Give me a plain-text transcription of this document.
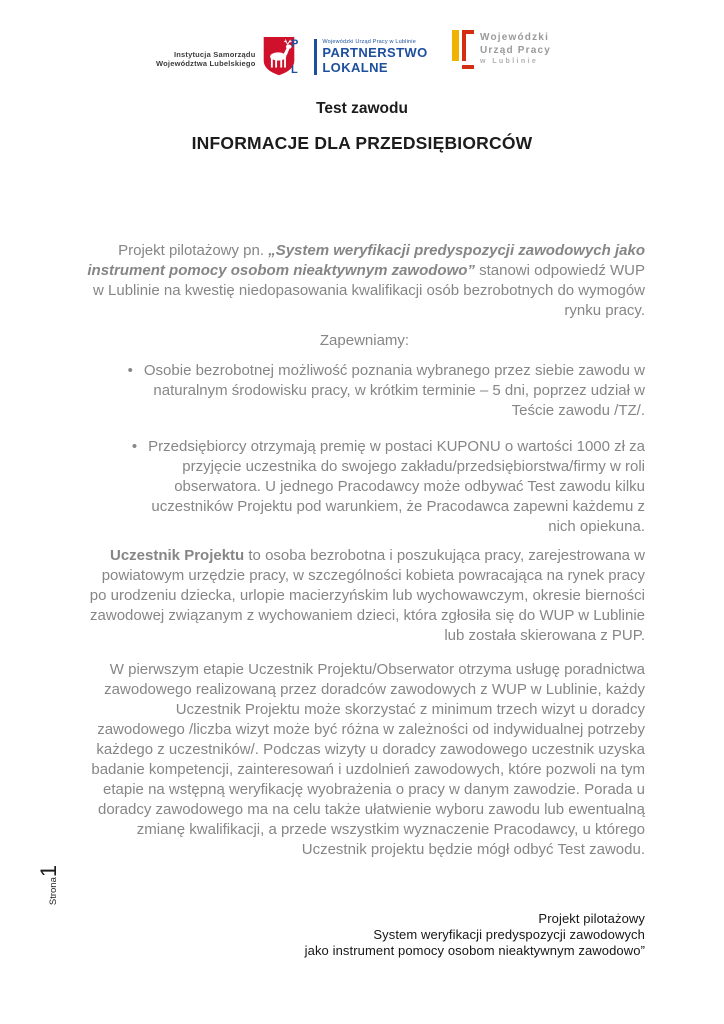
Instytucja Samorządu
Województwa Lubelskiego
P
L
Wojewódzki Urząd Pracy w Lublinie
PARTNERSTWO
LOKALNE
Wojewódzki
Urząd Pracy
w Lublinie
Test zawodu
INFORMACJE DLA PRZEDSIĘBIORCÓW

Projekt pilotażowy pn. „System weryfikacji predyspozycji zawodowych jako instrument pomocy osobom nieaktywnym zawodowo” stanowi odpowiedź WUP w Lublinie na kwestię niedopasowania kwalifikacji osób bezrobotnych do wymogów rynku pracy.

Zapewniamy:

• Osobie bezrobotnej możliwość poznania wybranego przez siebie zawodu w naturalnym środowisku pracy, w krótkim terminie – 5 dni, poprzez udział w Teście zawodu /TZ/.
• Przedsiębiorcy otrzymają premię w postaci KUPONU o wartości 1000 zł za przyjęcie uczestnika do swojego zakładu/przedsiębiorstwa/firmy w roli obserwatora. U jednego Pracodawcy może odbywać Test zawodu kilku uczestników Projektu pod warunkiem, że Pracodawca zapewni każdemu z nich opiekuna.

Uczestnik Projektu to osoba bezrobotna i poszukująca pracy, zarejestrowana w powiatowym urzędzie pracy, w szczególności kobieta powracająca na rynek pracy po urodzeniu dziecka, urlopie macierzyńskim lub wychowawczym, okresie bierności zawodowej związanym z wychowaniem dzieci, która zgłosiła się do WUP w Lublinie lub została skierowana z PUP.

W pierwszym etapie Uczestnik Projektu/Obserwator otrzyma usługę poradnictwa zawodowego realizowaną przez doradców zawodowych z WUP w Lublinie, każdy Uczestnik Projektu może skorzystać z minimum trzech wizyt u doradcy zawodowego /liczba wizyt może być różna w zależności od indywidualnej potrzeby każdego z uczestników/. Podczas wizyty u doradcy zawodowego uczestnik uzyska badanie kompetencji, zainteresowań i uzdolnień zawodowych, które pozwoli na tym etapie na wstępną weryfikację wyobrażenia o pracy w danym zawodzie. Porada u doradcy zawodowego ma na celu także ułatwienie wyboru zawodu lub ewentualną zmianę kwalifikacji, a przede wszystkim wyznaczenie Pracodawcy, u którego Uczestnik projektu będzie mógł odbyć Test zawodu.

Strona1
Projekt pilotażowy
System weryfikacji predyspozycji zawodowych
jako instrument pomocy osobom nieaktywnym zawodowo”
